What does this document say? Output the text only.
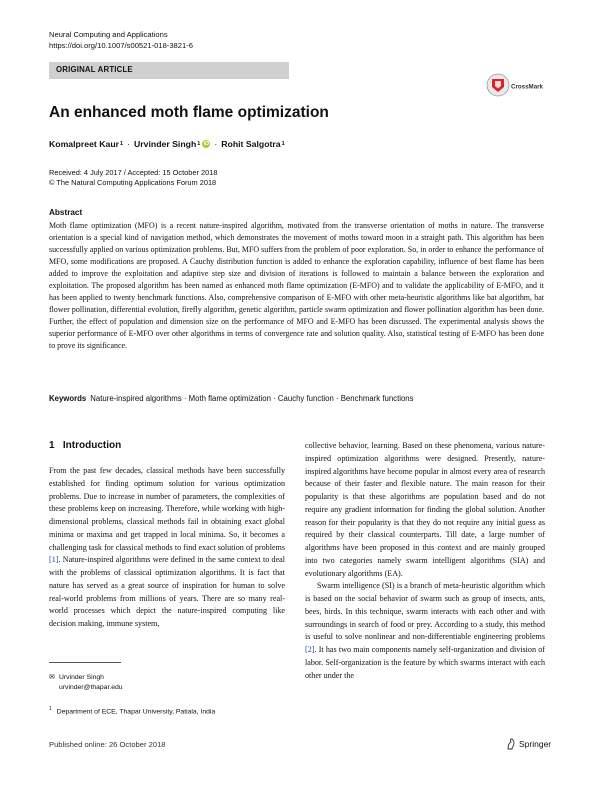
Neural Computing and Applications
https://doi.org/10.1007/s00521-018-3821-6
ORIGINAL ARTICLE
CrossMark
An enhanced moth flame optimization
Komalpreet Kaur 1 · Urvinder Singh 1 iD · Rohit Salgotra 1
Received: 4 July 2017 / Accepted: 15 October 2018
© The Natural Computing Applications Forum 2018
Abstract
Moth flame optimization (MFO) is a recent nature-inspired algorithm, motivated from the transverse orientation of moths in nature. The transverse orientation is a special kind of navigation method, which demonstrates the movement of moths toward moon in a straight path. This algorithm has been successfully applied on various optimization problems. But, MFO suffers from the problem of poor exploration. So, in order to enhance the performance of MFO, some modifications are proposed. A Cauchy distribution function is added to enhance the exploration capability, influence of best flame has been added to improve the exploitation and adaptive step size and division of iterations is followed to maintain a balance between the exploration and exploitation. The proposed algorithm has been named as enhanced moth flame optimization (E-MFO) and to validate the applicability of E-MFO, and it has been applied to twenty benchmark functions. Also, comprehensive comparison of E-MFO with other meta-heuristic algorithms like bat algorithm, bat flower pollination, differential evolution, firefly algorithm, genetic algorithm, particle swarm optimization and flower pollination algorithm has been done. Further, the effect of population and dimension size on the performance of MFO and E-MFO has been discussed. The experimental analysis shows the superior performance of E-MFO over other algorithms in terms of convergence rate and solution quality. Also, statistical testing of E-MFO has been done to prove its significance.
Keywords Nature-inspired algorithms · Moth flame optimization · Cauchy function · Benchmark functions
1 Introduction
From the past few decades, classical methods have been successfully established for finding optimum solution for various optimization problems. Due to increase in number of parameters, the complexities of these problems keep on increasing. Therefore, while working with high-dimensional problems, classical methods fail in obtaining exact global minima or maxima and get trapped in local minima. So, it becomes a challenging task for classical methods to find exact solution of problems [1]. Nature-inspired algorithms were defined in the same context to deal with the problems of classical optimization algorithms. It is fact that nature has served as a great source of inspiration for human to solve real-world problems from millions of years. There are so many real-world processes which depict the nature-inspired computing like decision making, immune system,

collective behavior, learning. Based on these phenomena, various nature-inspired optimization algorithms were designed. Presently, nature-inspired algorithms have become popular in almost every area of research because of their faster and flexible nature. The main reason for their popularity is that these algorithms are population based and do not require any gradient information for finding the global solution. Another reason for their popularity is that they do not require any initial guess as required by their classical counterparts. Till date, a large number of algorithms have been proposed in this context and are mainly grouped into two categories namely swarm intelligent algorithms (SIA) and evolutionary algorithms (EA).

Swarm intelligence (SI) is a branch of meta-heuristic algorithm which is based on the social behavior of swarm such as group of insects, ants, bees, birds. In this technique, swarm interacts with each other and with surroundings in search of food or prey. According to a study, this method is useful to solve nonlinear and non-differentiable engineering problems [2]. It has two main components namely self-organization and division of labor. Self-organization is the feature by which swarms interact with each other under the

✉ Urvinder Singh
urvinder@thapar.edu
$^1$ Department of ECE, Thapar University, Patiala, India
Published online: 26 October 2018	Springer
